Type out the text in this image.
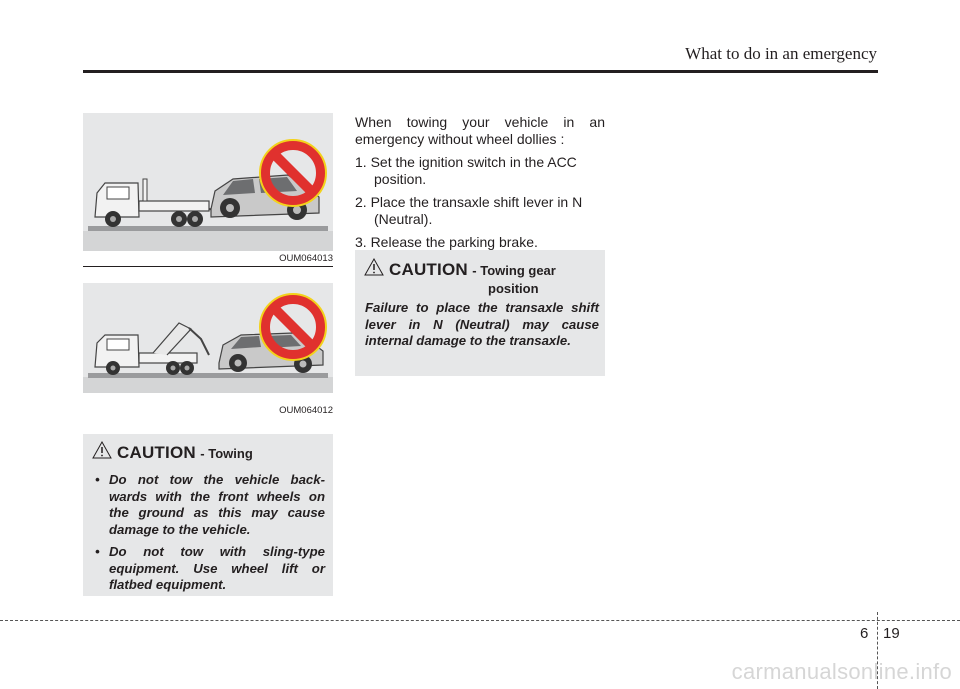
What to do in an emergency
OUM064013
OUM064012
CAUTION - Towing
• Do not tow the vehicle back- wards with the front wheels on the ground as this may cause damage to the vehicle.
• Do not tow with sling-type equipment. Use wheel lift or flatbed equipment.

When towing your vehicle in an emergency without wheel dollies :

1. Set the ignition switch in the ACC position.

2. Place the transaxle shift lever in N (Neutral).

3. Release the parking brake.

CAUTION - Towing gear
position
Failure to place the transaxle shift lever in N (Neutral) may cause internal damage to the transaxle.
6 19
carmanualsonline.info
